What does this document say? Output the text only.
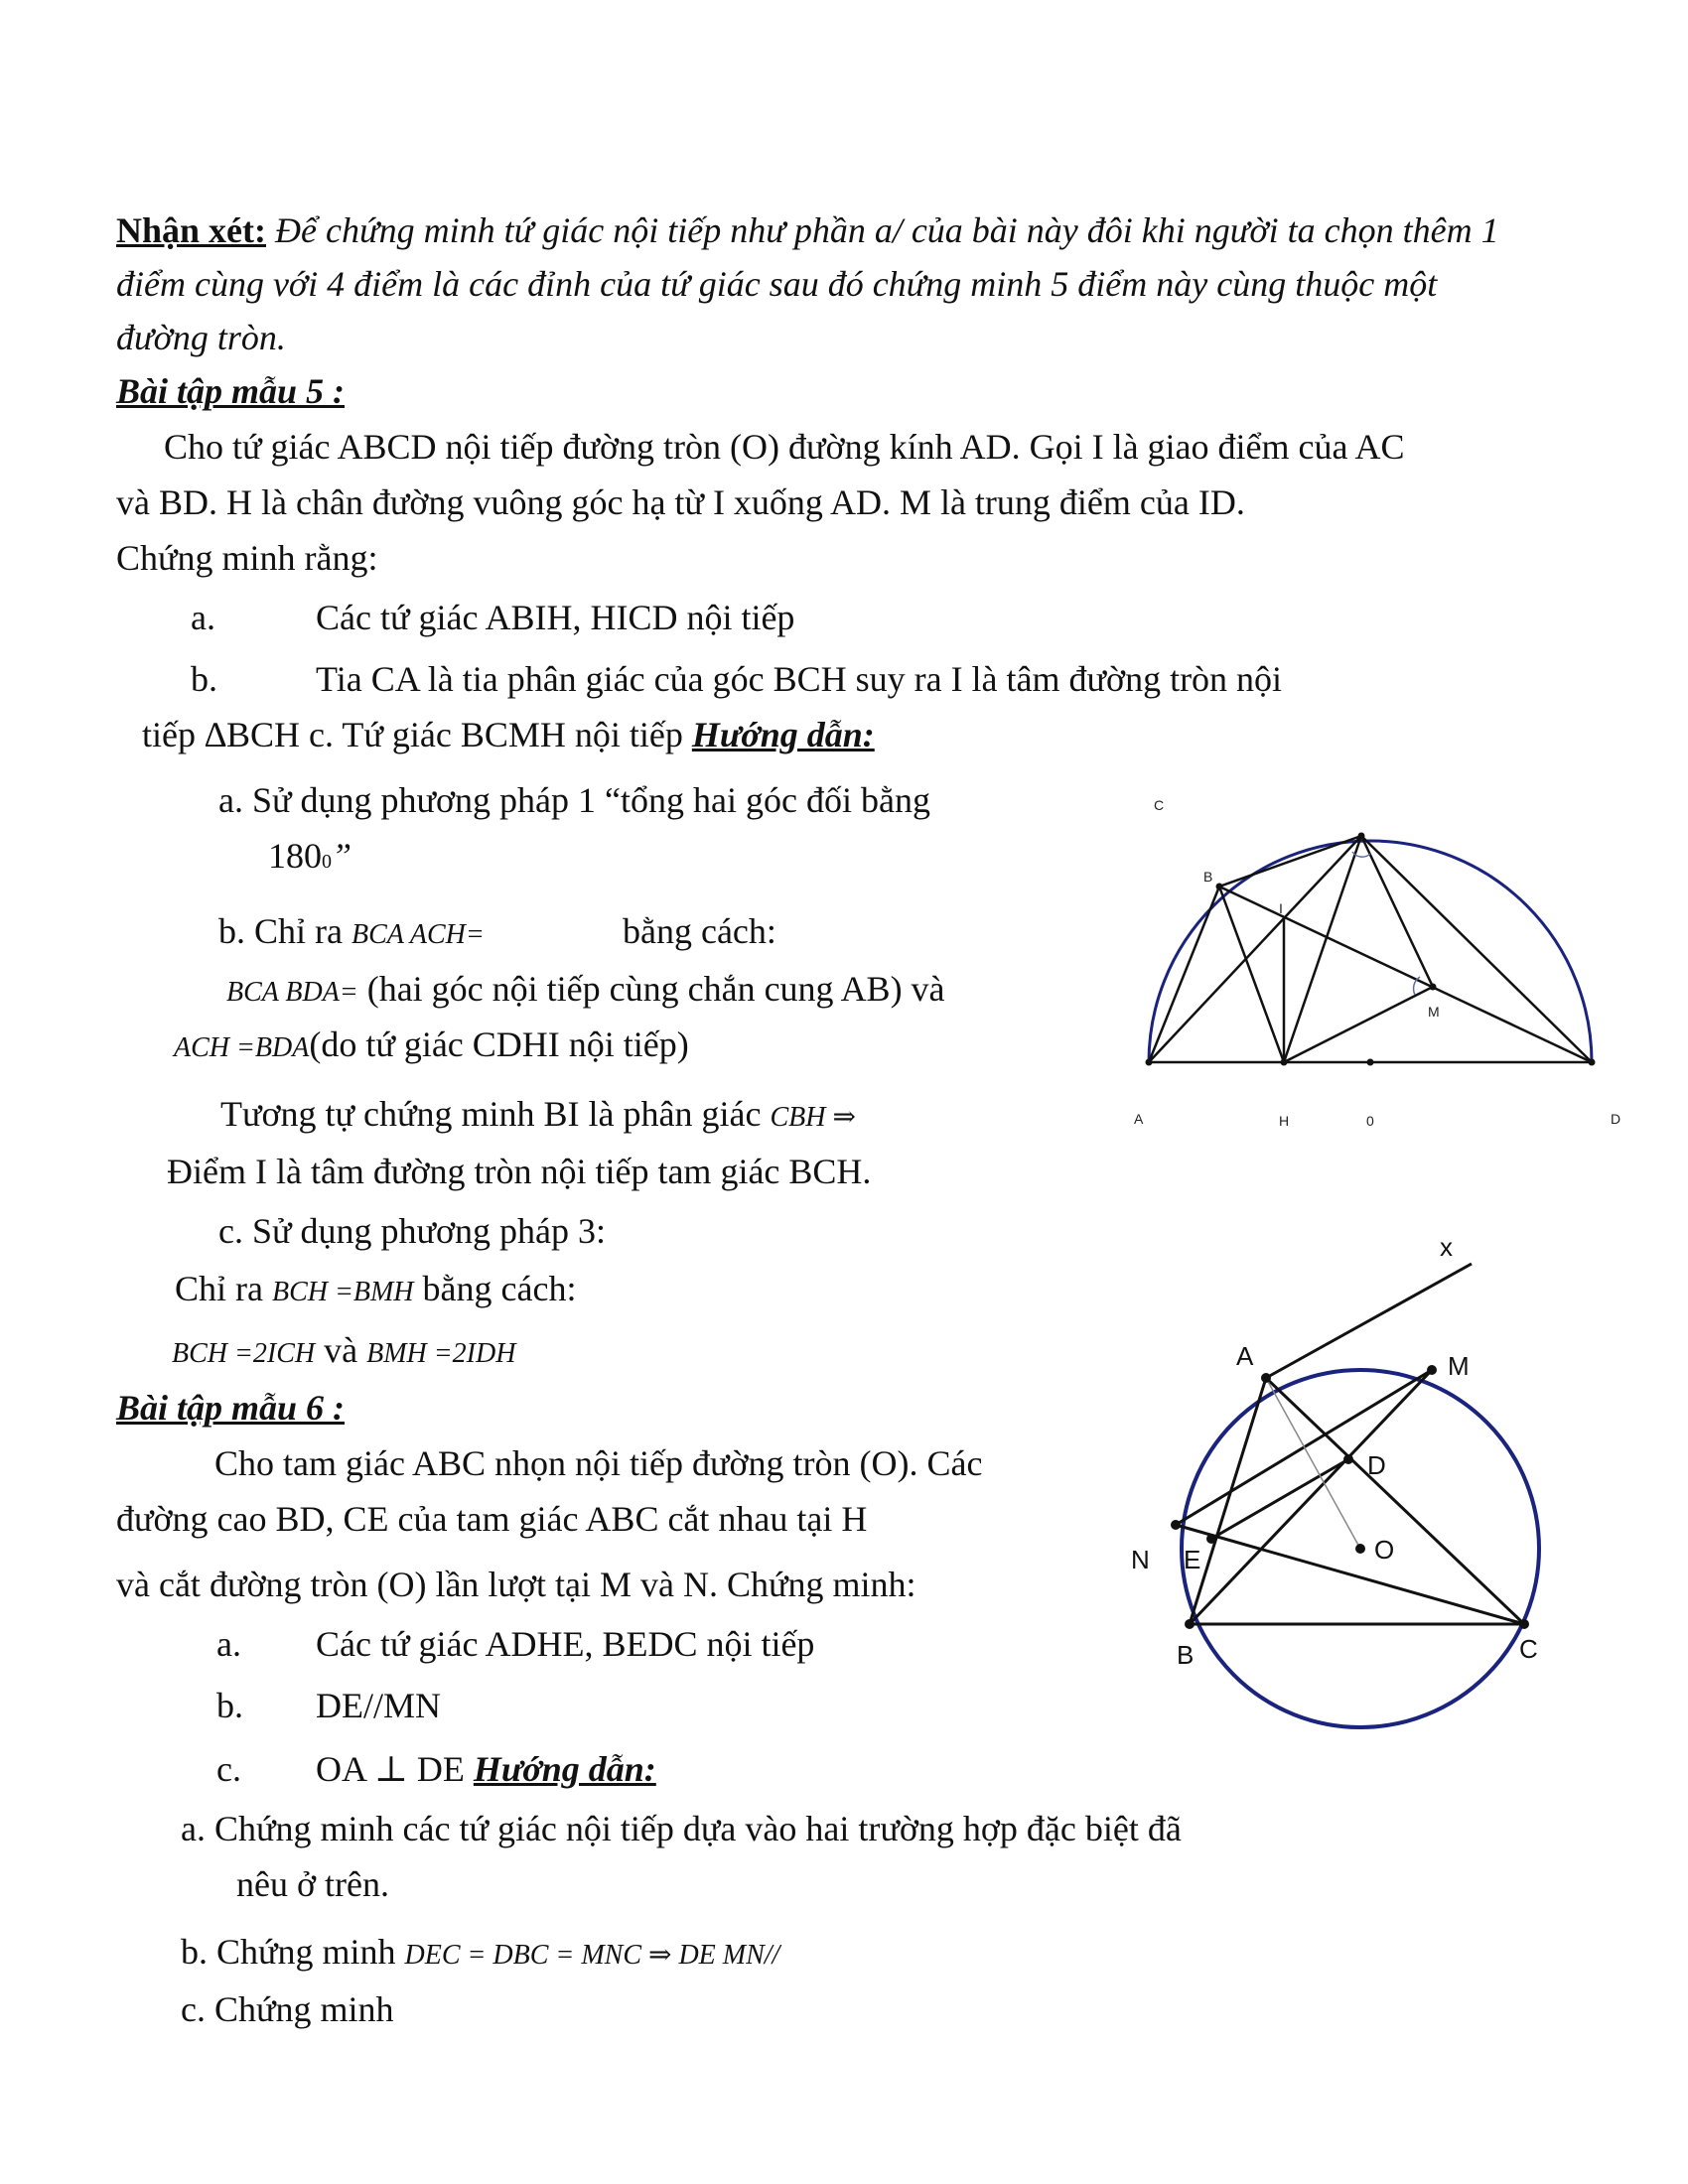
Nhận xét: Để chứng minh tứ giác nội tiếp như phần a/ của bài này đôi khi người ta chọn thêm 1
điểm cùng với 4 điểm là các đỉnh của tứ giác sau đó chứng minh 5 điểm này cùng thuộc một
đường tròn.
Bài tập mẫu 5 :
Cho tứ giác ABCD nội tiếp đường tròn (O) đường kính AD. Gọi I là giao điểm của AC
và BD. H là chân đường vuông góc hạ từ I xuống AD. M là trung điểm của ID.
Chứng minh rằng:
a.	Các tứ giác ABIH, HICD nội tiếp
b.	Tia CA là tia phân giác của góc BCH suy ra I là tâm đường tròn nội
tiếp ∆BCH c. Tứ giác BCMH nội tiếp Hướng dẫn:
a. Sử dụng phương pháp 1 “tổng hai góc đối bằng
1800”
b. Chỉ ra BCA ACH=	bằng cách:
BCA BDA= (hai góc nội tiếp cùng chắn cung AB) và
ACH =BDA(do tứ giác CDHI nội tiếp)
Tương tự chứng minh BI là phân giác CBH ⇒
Điểm I là tâm đường tròn nội tiếp tam giác BCH.
c. Sử dụng phương pháp 3:
Chỉ ra BCH =BMH bằng cách:
BCH =2ICH và BMH =2IDH
C
B
I
M
A	H	0	D
Bài tập mẫu 6 :
Cho tam giác ABC nhọn nội tiếp đường tròn (O). Các
đường cao BD, CE của tam giác ABC cắt nhau tại H
và cắt đường tròn (O) lần lượt tại M và N. Chứng minh:
a. Các tứ giác ADHE, BEDC nội tiếp
b. DE//MN
c. OA ⊥ DE Hướng dẫn:
a. Chứng minh các tứ giác nội tiếp dựa vào hai trường hợp đặc biệt đã
nêu ở trên.
b. Chứng minh DEC = DBC = MNC ⇒ DE MN//
c. Chứng minh
x
A	M
D
O
N E
B	C
